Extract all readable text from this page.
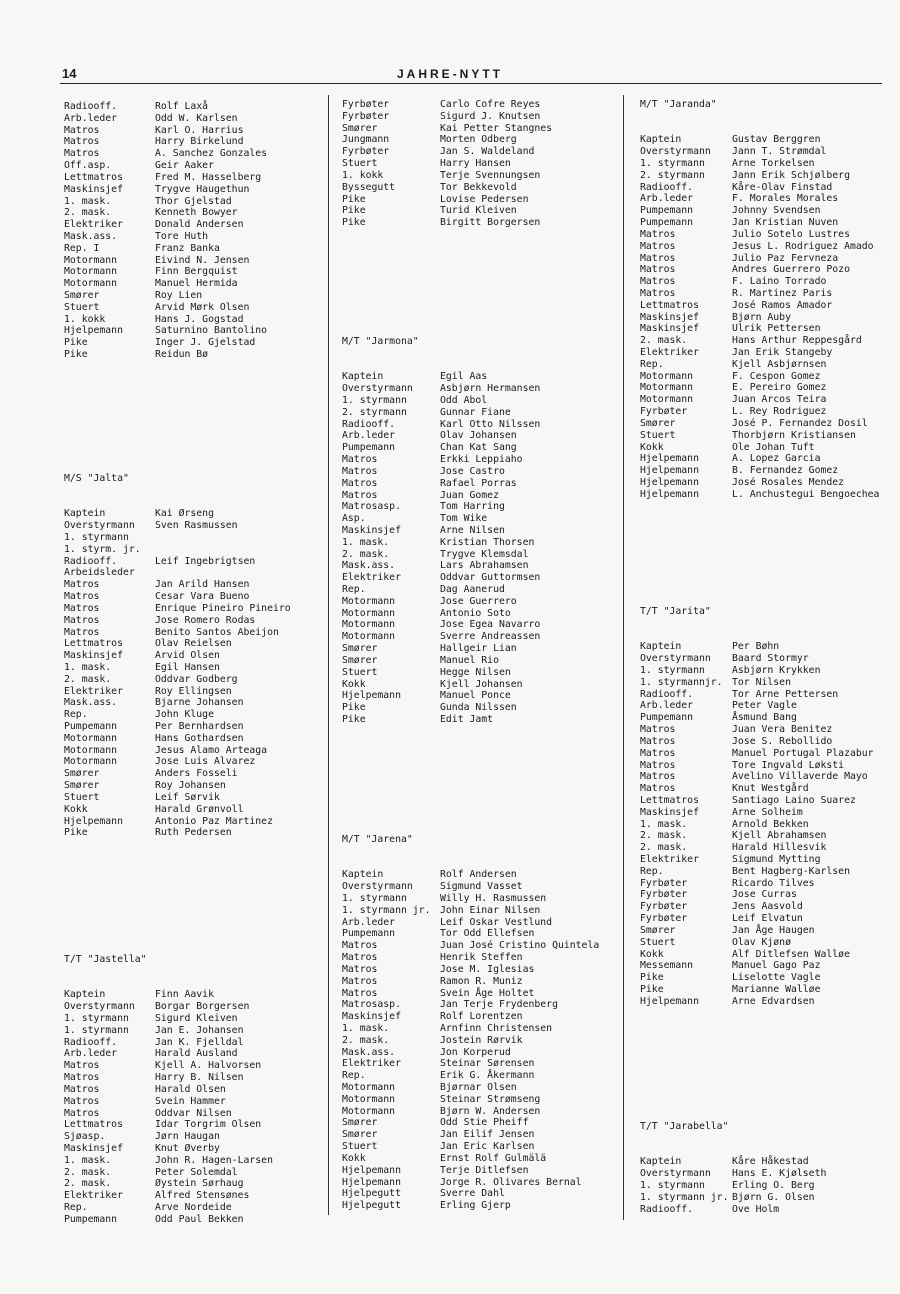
14	JAHRE-NYTT
Radiooff.	Rolf Laxå
Arb.leder	Odd W. Karlsen
Matros	Karl O. Harrius
Matros	Harry Birkelund
Matros	A. Sanchez Gonzales
Off.asp.	Geir Aaker
Lettmatros	Fred M. Hasselberg
Maskinsjef	Trygve Haugethun
1. mask.	Thor Gjelstad
2. mask.	Kenneth Bowyer
Elektriker	Donald Andersen
Mask.ass.	Tore Huth
Rep. I	Franz Banka
Motormann	Eivind N. Jensen
Motormann	Finn Bergquist
Motormann	Manuel Hermida
Smører	Roy Lien
Stuert	Arvid Mørk Olsen
1. kokk	Hans J. Gogstad
Hjelpemann	Saturnino Bantolino
Pike	Inger J. Gjelstad
Pike	Reidun Bø
M/S "Jalta"
Kaptein	Kai Ørseng
Overstyrmann	Sven Rasmussen
1. styrmann
1. styrm. jr.
Radiooff.	Leif Ingebrigtsen
Arbeidsleder
Matros	Jan Arild Hansen
Matros	Cesar Vara Bueno
Matros	Enrique Pineiro Pineiro
Matros	Jose Romero Rodas
Matros	Benito Santos Abeijon
Lettmatros	Olav Reielsen
Maskinsjef	Arvid Olsen
1. mask.	Egil Hansen
2. mask.	Oddvar Godberg
Elektriker	Roy Ellingsen
Mask.ass.	Bjarne Johansen
Rep.	John Kluge
Pumpemann	Per Bernhardsen
Motormann	Hans Gothardsen
Motormann	Jesus Alamo Arteaga
Motormann	Jose Luis Alvarez
Smører	Anders Fosseli
Smører	Roy Johansen
Stuert	Leif Sørvik
Kokk	Harald Grønvoll
Hjelpemann	Antonio Paz Martinez
Pike	Ruth Pedersen
T/T "Jastella"
Kaptein	Finn Aavik
Overstyrmann	Borgar Borgersen
1. styrmann	Sigurd Kleiven
1. styrmann	Jan E. Johansen
Radiooff.	Jan K. Fjelldal
Arb.leder	Harald Ausland
Matros	Kjell A. Halvorsen
Matros	Harry B. Nilsen
Matros	Harald Olsen
Matros	Svein Hammer
Matros	Oddvar Nilsen
Lettmatros	Idar Torgrim Olsen
Sjøasp.	Jørn Haugan
Maskinsjef	Knut Øverby
1. mask.	John R. Hagen-Larsen
2. mask.	Peter Solemdal
2. mask.	Øystein Sørhaug
Elektriker	Alfred Stensønes
Rep.	Arve Nordeide
Pumpemann	Odd Paul Bekken
Fyrbøter	Carlo Cofre Reyes
Fyrbøter	Sigurd J. Knutsen
Smører	Kai Petter Stangnes
Jungmann	Morten Odberg
Fyrbøter	Jan S. Waldeland
Stuert	Harry Hansen
1. kokk	Terje Svennungsen
Byssegutt	Tor Bekkevold
Pike	Lovise Pedersen
Pike	Turid Kleiven
Pike	Birgitt Borgersen
M/T "Jarmona"
Kaptein	Egil Aas
Overstyrmann	Asbjørn Hermansen
1. styrmann	Odd Abol
2. styrmann	Gunnar Fiane
Radiooff.	Karl Otto Nilssen
Arb.leder	Olav Johansen
Pumpemann	Chan Kat Sang
Matros	Erkki Leppiaho
Matros	Jose Castro
Matros	Rafael Porras
Matros	Juan Gomez
Matrosasp.	Tom Harring
Asp.	Tom Wike
Maskinsjef	Arne Nilsen
1. mask.	Kristian Thorsen
2. mask.	Trygve Klemsdal
Mask.ass.	Lars Abrahamsen
Elektriker	Oddvar Guttormsen
Rep.	Dag Aanerud
Motormann	Jose Guerrero
Motormann	Antonio Soto
Motormann	Jose Egea Navarro
Motormann	Sverre Andreassen
Smører	Hallgeir Lian
Smører	Manuel Rio
Stuert	Hegge Nilsen
Kokk	Kjell Johansen
Hjelpemann	Manuel Ponce
Pike	Gunda Nilssen
Pike	Edit Jamt
M/T "Jarena"
Kaptein	Rolf Andersen
Overstyrmann	Sigmund Vasset
1. styrmann	Willy H. Rasmussen
1. styrmann jr. John Einar Nilsen
Arb.leder	Leif Oskar Vestlund
Pumpemann	Tor Odd Ellefsen
Matros	Juan José Cristino Quintela
Matros	Henrik Steffen
Matros	Jose M. Iglesias
Matros	Ramon R. Muniz
Matros	Svein Åge Holtet
Matrosasp.	Jan Terje Frydenberg
Maskinsjef	Rolf Lorentzen
1. mask.	Arnfinn Christensen
2. mask.	Jostein Rørvik
Mask.ass.	Jon Korperud
Elektriker	Steinar Sørensen
Rep.	Erik G. Åkermann
Motormann	Bjørnar Olsen
Motormann	Steinar Strømseng
Motormann	Bjørn W. Andersen
Smører	Odd Stie Pheiff
Smører	Jan Eilif Jensen
Stuert	Jan Eric Karlsen
Kokk	Ernst Rolf Gulmälä
Hjelpemann	Terje Ditlefsen
Hjelpemann	Jorge R. Olivares Bernal
Hjelpegutt	Sverre Dahl
Hjelpegutt	Erling Gjerp
M/T "Jaranda"
Kaptein	Gustav Berggren
Overstyrmann	Jann T. Strømdal
1. styrmann	Arne Torkelsen
2. styrmann	Jann Erik Schjølberg
Radiooff.	Kåre-Olav Finstad
Arb.leder	F. Morales Morales
Pumpemann	Johnny Svendsen
Pumpemann	Jan Kristian Nuven
Matros	Julio Sotelo Lustres
Matros	Jesus L. Rodriguez Amado
Matros	Julio Paz Fervneza
Matros	Andres Guerrero Pozo
Matros	F. Laino Torrado
Matros	R. Martinez Paris
Lettmatros	José Ramos Amador
Maskinsjef	Bjørn Auby
Maskinsjef	Ulrik Pettersen
2. mask.	Hans Arthur Reppesgård
Elektriker	Jan Erik Stangeby
Rep.	Kjell Asbjørnsen
Motormann	F. Cespon Gomez
Motormann	E. Pereiro Gomez
Motormann	Juan Arcos Teira
Fyrbøter	L. Rey Rodriguez
Smører	José P. Fernandez Dosil
Stuert	Thorbjørn Kristiansen
Kokk	Ole Johan Tuft
Hjelpemann	A. Lopez Garcia
Hjelpemann	B. Fernandez Gomez
Hjelpemann	José Rosales Mendez
Hjelpemann	L. Anchustegui Bengoechea
T/T "Jarita"
Kaptein	Per Bøhn
Overstyrmann	Baard Stormyr
1. styrmann	Asbjørn Krykken
1. styrmannjr. Tor Nilsen
Radiooff.	Tor Arne Pettersen
Arb.leder	Peter Vagle
Pumpemann	Åsmund Bang
Matros	Juan Vera Benitez
Matros	Jose S. Rebollido
Matros	Manuel Portugal Plazabur
Matros	Tore Ingvald Løksti
Matros	Avelino Villaverde Mayo
Matros	Knut Westgård
Lettmatros	Santiago Laino Suarez
Maskinsjef	Arne Solheim
1. mask.	Arnold Bekken
2. mask.	Kjell Abrahamsen
2. mask.	Harald Hillesvik
Elektriker	Sigmund Mytting
Rep.	Bent Hagberg-Karlsen
Fyrbøter	Ricardo Tilves
Fyrbøter	Jose Curras
Fyrbøter	Jens Aasvold
Fyrbøter	Leif Elvatun
Smører	Jan Åge Haugen
Stuert	Olav Kjønø
Kokk	Alf Ditlefsen Walløe
Messemann	Manuel Gago Paz
Pike	Liselotte Vagle
Pike	Marianne Walløe
Hjelpemann	Arne Edvardsen
T/T "Jarabella"
Kaptein	Kåre Håkestad
Overstyrmann	Hans E. Kjølseth
1. styrmann	Erling O. Berg
1. styrmann jr. Bjørn G. Olsen
Radiooff.	Ove Holm
